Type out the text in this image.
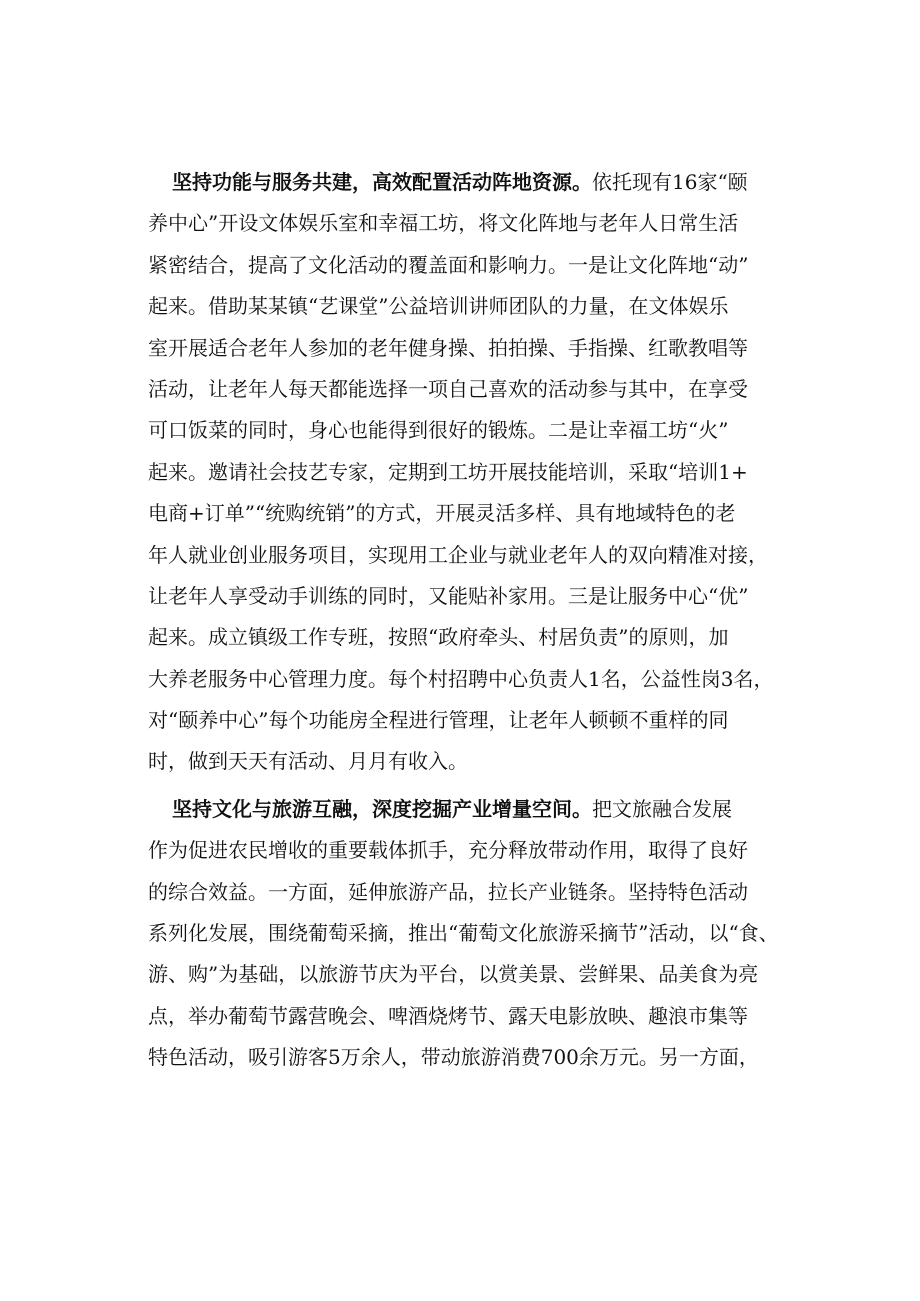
坚持功能与服务共建，高效配置活动阵地资源。依托现有16家“颐
养中心”开设文体娱乐室和幸福工坊，将文化阵地与老年人日常生活
紧密结合，提高了文化活动的覆盖面和影响力。一是让文化阵地“动”
起来。借助某某镇“艺课堂”公益培训讲师团队的力量，在文体娱乐
室开展适合老年人参加的老年健身操、拍拍操、手指操、红歌教唱等
活动，让老年人每天都能选择一项自己喜欢的活动参与其中，在享受
可口饭菜的同时，身心也能得到很好的锻炼。二是让幸福工坊“火”
起来。邀请社会技艺专家，定期到工坊开展技能培训，采取“培训1+
电商+订单”“统购统销”的方式，开展灵活多样、具有地域特色的老
年人就业创业服务项目，实现用工企业与就业老年人的双向精准对接，
让老年人享受动手训练的同时，又能贴补家用。三是让服务中心“优”
起来。成立镇级工作专班，按照“政府牵头、村居负责”的原则，加
大养老服务中心管理力度。每个村招聘中心负责人1名，公益性岗3名，
对“颐养中心”每个功能房全程进行管理，让老年人顿顿不重样的同
时，做到天天有活动、月月有收入。
坚持文化与旅游互融，深度挖掘产业增量空间。把文旅融合发展
作为促进农民增收的重要载体抓手，充分释放带动作用，取得了良好
的综合效益。一方面，延伸旅游产品，拉长产业链条。坚持特色活动
系列化发展，围绕葡萄采摘，推出“葡萄文化旅游采摘节”活动，以“食、
游、购”为基础，以旅游节庆为平台，以赏美景、尝鲜果、品美食为亮
点，举办葡萄节露营晚会、啤酒烧烤节、露天电影放映、趣浪市集等
特色活动，吸引游客5万余人，带动旅游消费700余万元。另一方面，
